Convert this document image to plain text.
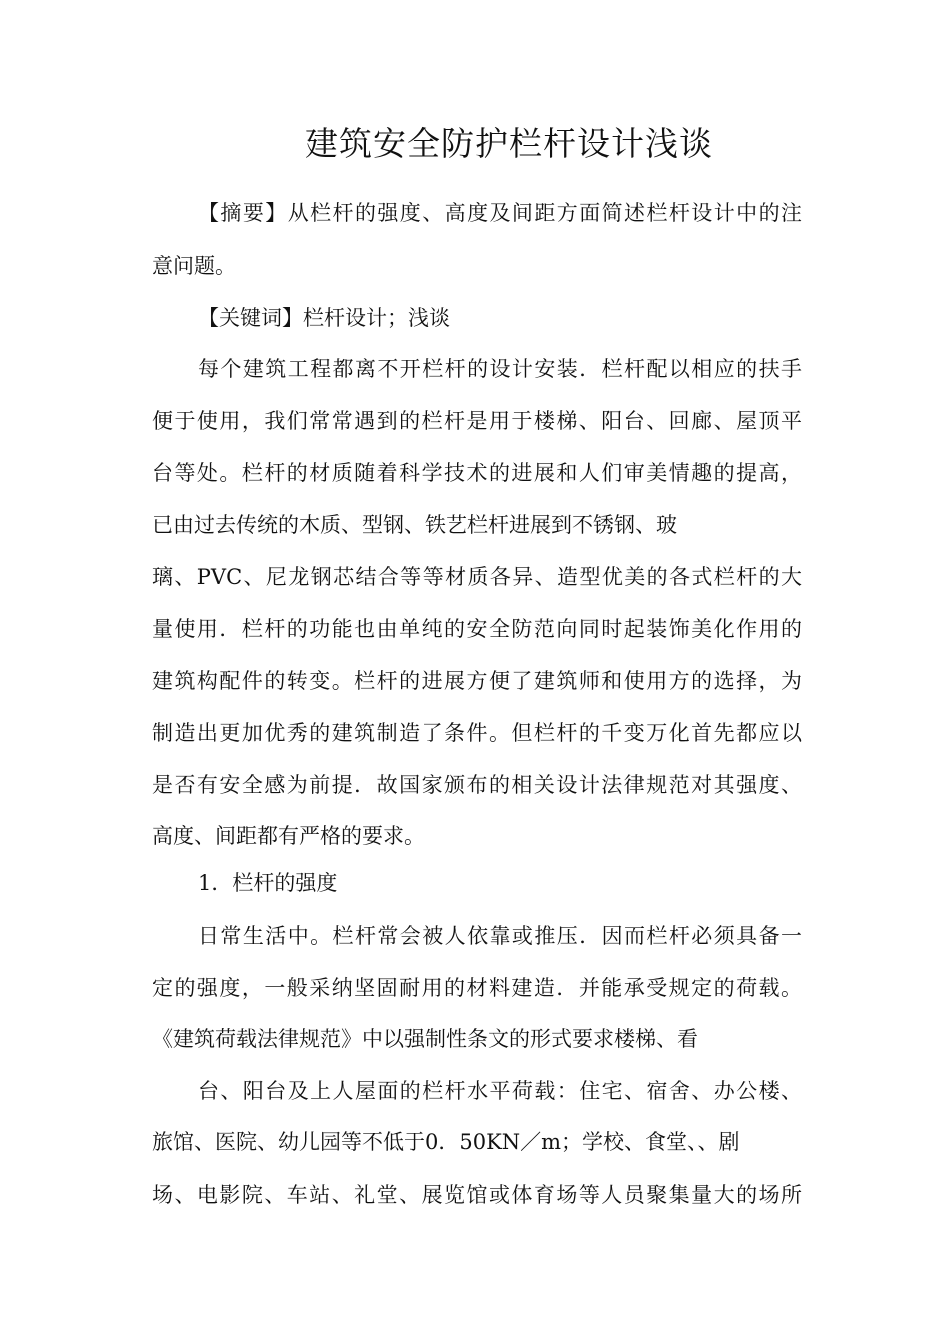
建筑安全防护栏杆设计浅谈
【摘要】从栏杆的强度、高度及间距方面简述栏杆设计中的注
意问题。
【关键词】栏杆设计；浅谈
每个建筑工程都离不开栏杆的设计安装．栏杆配以相应的扶手
便于使用，我们常常遇到的栏杆是用于楼梯、阳台、回廊、屋顶平
台等处。栏杆的材质随着科学技术的进展和人们审美情趣的提高，
已由过去传统的木质、型钢、铁艺栏杆进展到不锈钢、玻
璃、PVC、尼龙钢芯结合等等材质各异、造型优美的各式栏杆的大
量使用．栏杆的功能也由单纯的安全防范向同时起装饰美化作用的
建筑构配件的转变。栏杆的进展方便了建筑师和使用方的选择，为
制造出更加优秀的建筑制造了条件。但栏杆的千变万化首先都应以
是否有安全感为前提．故国家颁布的相关设计法律规范对其强度、
高度、间距都有严格的要求。
1．栏杆的强度
日常生活中。栏杆常会被人依靠或推压．因而栏杆必须具备一
定的强度，一般采纳坚固耐用的材料建造．并能承受规定的荷载。
《建筑荷载法律规范》中以强制性条文的形式要求楼梯、看
台、阳台及上人屋面的栏杆水平荷载：住宅、宿舍、办公楼、
旅馆、医院、幼儿园等不低于0．50KN／m；学校、食堂、、剧
场、电影院、车站、礼堂、展览馆或体育场等人员聚集量大的场所
